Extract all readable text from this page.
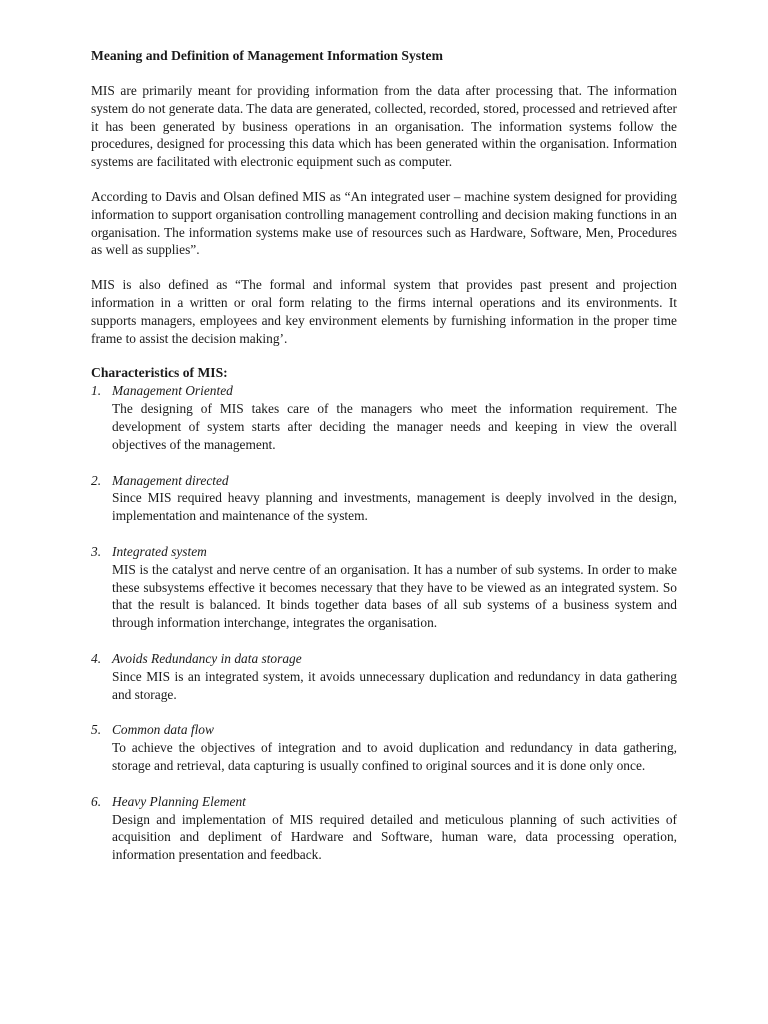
Meaning and Definition of Management Information System

MIS are primarily meant for providing information from the data after processing that. The information system do not generate data. The data are generated, collected, recorded, stored, processed and retrieved after it has been generated by business operations in an organisation. The information systems follow the procedures, designed for processing this data which has been generated within the organisation. Information systems are facilitated with electronic equipment such as computer.

According to Davis and Olsan defined MIS as “An integrated user – machine system designed for providing information to support organisation controlling management controlling and decision making functions in an organisation. The information systems make use of resources such as Hardware, Software, Men, Procedures as well as supplies”.

MIS is also defined as “The formal and informal system that provides past present and projection information in a written or oral form relating to the firms internal operations and its environments. It supports managers, employees and key environment elements by furnishing information in the proper time frame to assist the decision making’.

Characteristics of MIS:
1. Management Oriented
The designing of MIS takes care of the managers who meet the information requirement. The development of system starts after deciding the manager needs and keeping in view the overall objectives of the management.
2. Management directed
Since MIS required heavy planning and investments, management is deeply involved in the design, implementation and maintenance of the system.
3. Integrated system
MIS is the catalyst and nerve centre of an organisation. It has a number of sub systems. In order to make these subsystems effective it becomes necessary that they have to be viewed as an integrated system. So that the result is balanced. It binds together data bases of all sub systems of a business system and through information interchange, integrates the organisation.
4. Avoids Redundancy in data storage
Since MIS is an integrated system, it avoids unnecessary duplication and redundancy in data gathering and storage.
5. Common data flow
To achieve the objectives of integration and to avoid duplication and redundancy in data gathering, storage and retrieval, data capturing is usually confined to original sources and it is done only once.
6. Heavy Planning Element
Design and implementation of MIS required detailed and meticulous planning of such activities of acquisition and depliment of Hardware and Software, human ware, data processing operation, information presentation and feedback.
